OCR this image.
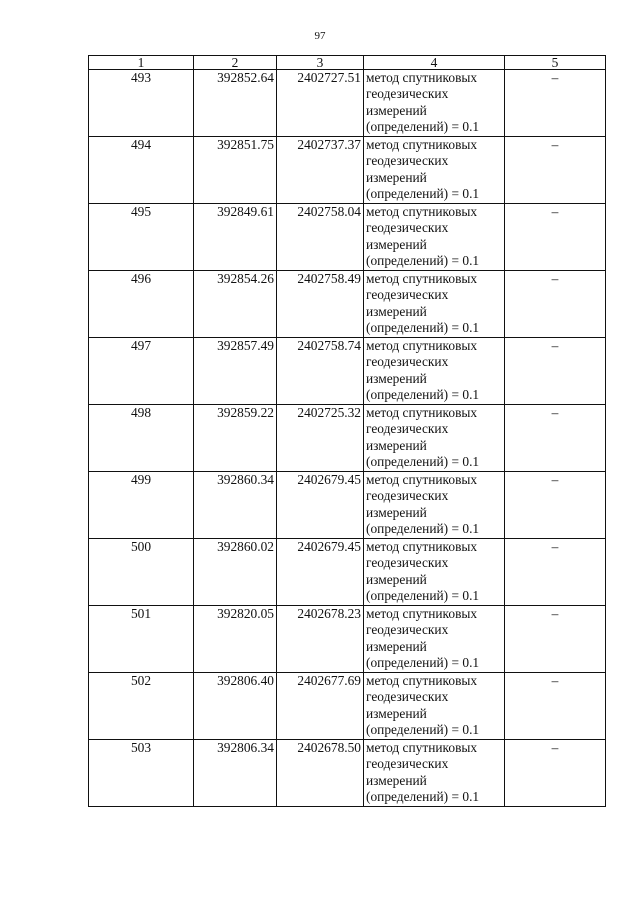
97
1	2	3	4	5
493	392852.64	2402727.51	метод спутниковых геодезических измерений (определений) = 0.1	–
494	392851.75	2402737.37	метод спутниковых геодезических измерений (определений) = 0.1	–
495	392849.61	2402758.04	метод спутниковых геодезических измерений (определений) = 0.1	–
496	392854.26	2402758.49	метод спутниковых геодезических измерений (определений) = 0.1	–
497	392857.49	2402758.74	метод спутниковых геодезических измерений (определений) = 0.1	–
498	392859.22	2402725.32	метод спутниковых геодезических измерений (определений) = 0.1	–
499	392860.34	2402679.45	метод спутниковых геодезических измерений (определений) = 0.1	–
500	392860.02	2402679.45	метод спутниковых геодезических измерений (определений) = 0.1	–
501	392820.05	2402678.23	метод спутниковых геодезических измерений (определений) = 0.1	–
502	392806.40	2402677.69	метод спутниковых геодезических измерений (определений) = 0.1	–
503	392806.34	2402678.50	метод спутниковых геодезических измерений (определений) = 0.1	–
